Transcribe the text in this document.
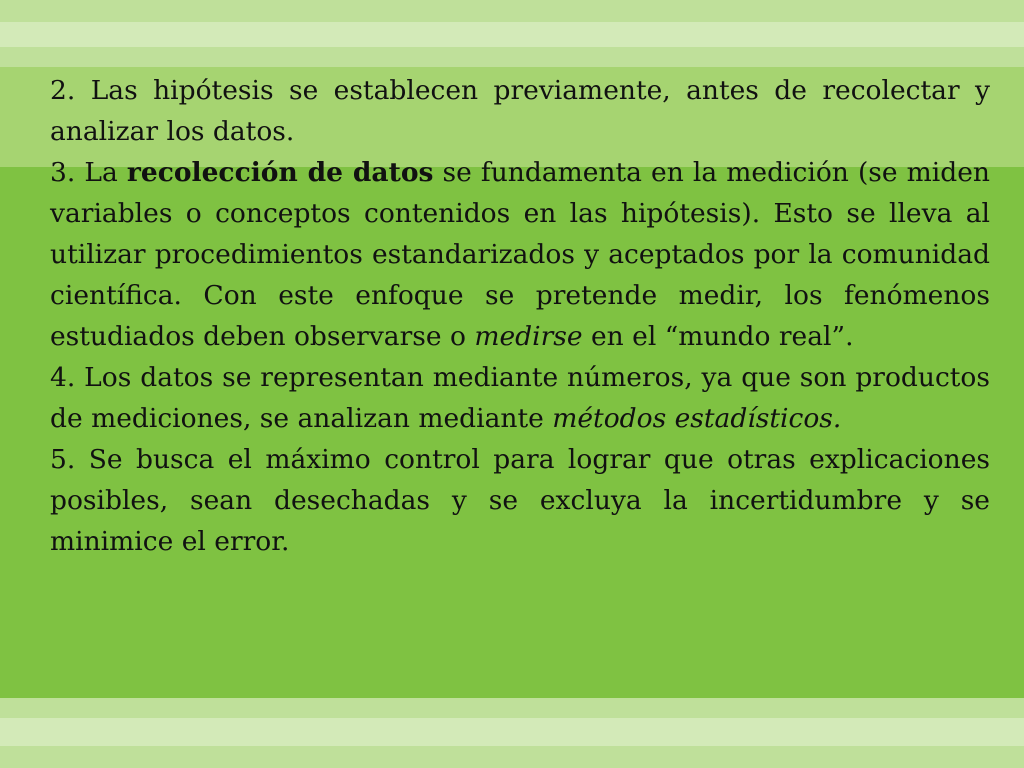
2. Las hipótesis se establecen previamente, antes de recolectar y analizar los datos.

3. La recolección de datos se fundamenta en la medición (se miden variables o conceptos contenidos en las hipótesis). Esto se lleva al utilizar procedimientos estandarizados y aceptados por la comunidad científica. Con este enfoque se pretende medir, los fenómenos estudiados deben observarse o medirse en el “mundo real”.

4. Los datos se representan mediante números, ya que son productos de mediciones, se analizan mediante métodos estadísticos.

5. Se busca el máximo control para lograr que otras explicaciones posibles, sean desechadas y se excluya la incertidumbre y se minimice el error.
